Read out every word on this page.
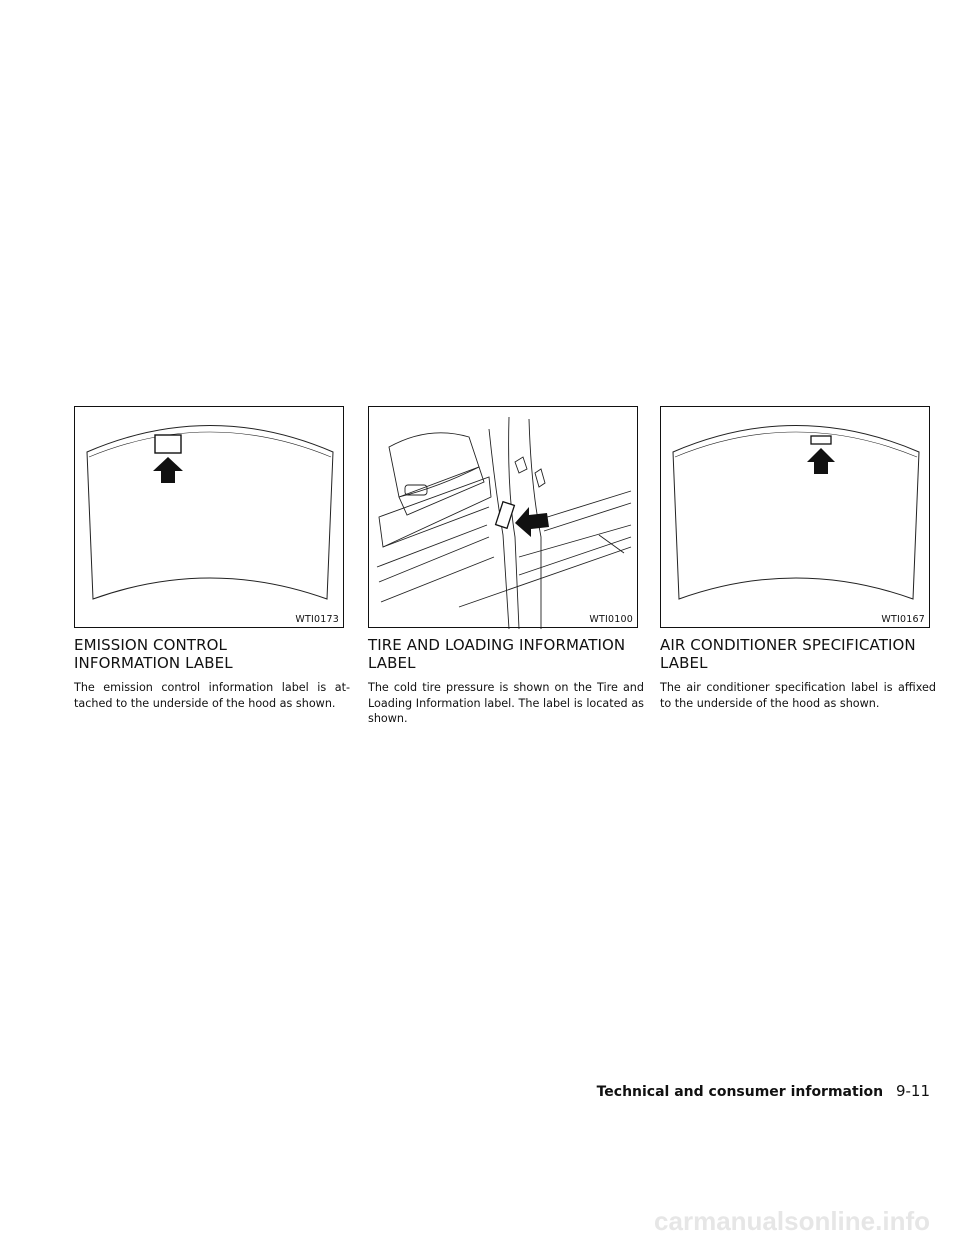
WTI0173
EMISSION CONTROL
INFORMATION LABEL

The emission control information label is at-tached to the underside of the hood as shown.

WTI0100
TIRE AND LOADING INFORMATION
LABEL

The cold tire pressure is shown on the Tire and Loading Information label. The label is located as shown.

WTI0167
AIR CONDITIONER SPECIFICATION
LABEL

The air conditioner specification label is affixed to the underside of the hood as shown.

Technical and consumer information 9-11
carmanualsonline.info
